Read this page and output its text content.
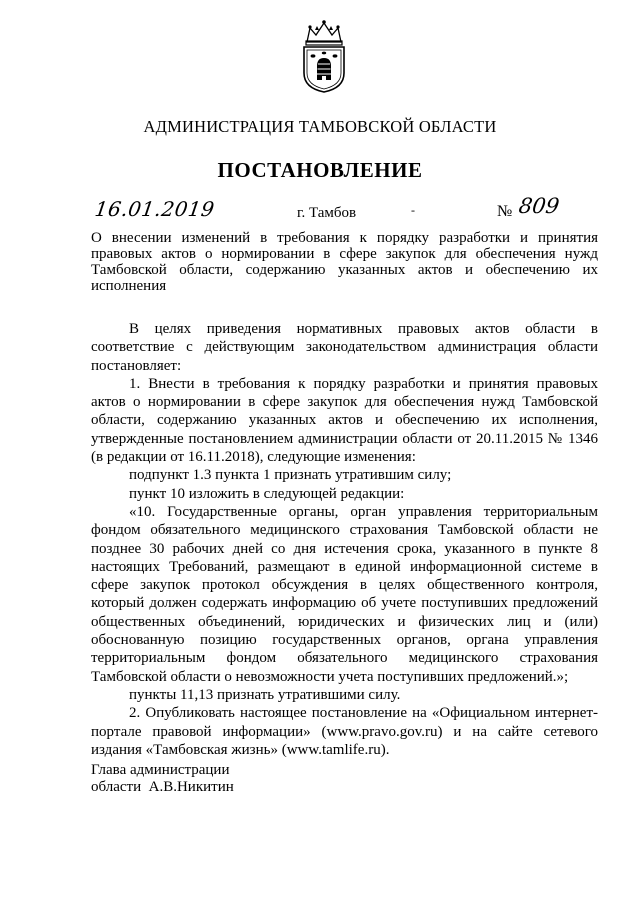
АДМИНИСТРАЦИЯ ТАМБОВСКОЙ ОБЛАСТИ
ПОСТАНОВЛЕНИЕ
16.01.2019	г. Тамбов	-	№ 809
О внесении изменений в требования к порядку разработки и принятия правовых актов о нормировании в сфере закупок для обеспечения нужд Тамбовской области, содержанию указанных актов и обеспечению их исполнения

В целях приведения нормативных правовых актов области в соответствие с действующим законодательством администрация области постановляет:

1. Внести в требования к порядку разработки и принятия правовых актов о нормировании в сфере закупок для обеспечения нужд Тамбовской области, содержанию указанных актов и обеспечению их исполнения, утвержденные постановлением администрации области от 20.11.2015 № 1346 (в редакции от 16.11.2018), следующие изменения:

подпункт 1.3 пункта 1 признать утратившим силу;

пункт 10 изложить в следующей редакции:

«10. Государственные органы, орган управления территориальным фондом обязательного медицинского страхования Тамбовской области не позднее 30 рабочих дней со дня истечения срока, указанного в пункте 8 настоящих Требований, размещают в единой информационной системе в сфере закупок протокол обсуждения в целях общественного контроля, который должен содержать информацию об учете поступивших предложений общественных объединений, юридических и физических лиц и (или) обоснованную позицию государственных органов, органа управления территориальным фондом обязательного медицинского страхования Тамбовской области о невозможности учета поступивших предложений.»;

пункты 11,13 признать утратившими силу.

2. Опубликовать настоящее постановление на «Официальном интернет-портале правовой информации» (www.pravo.gov.ru) и на сайте сетевого издания «Тамбовская жизнь» (www.tamlife.ru).

Глава администрации
области  А.В.Никитин
